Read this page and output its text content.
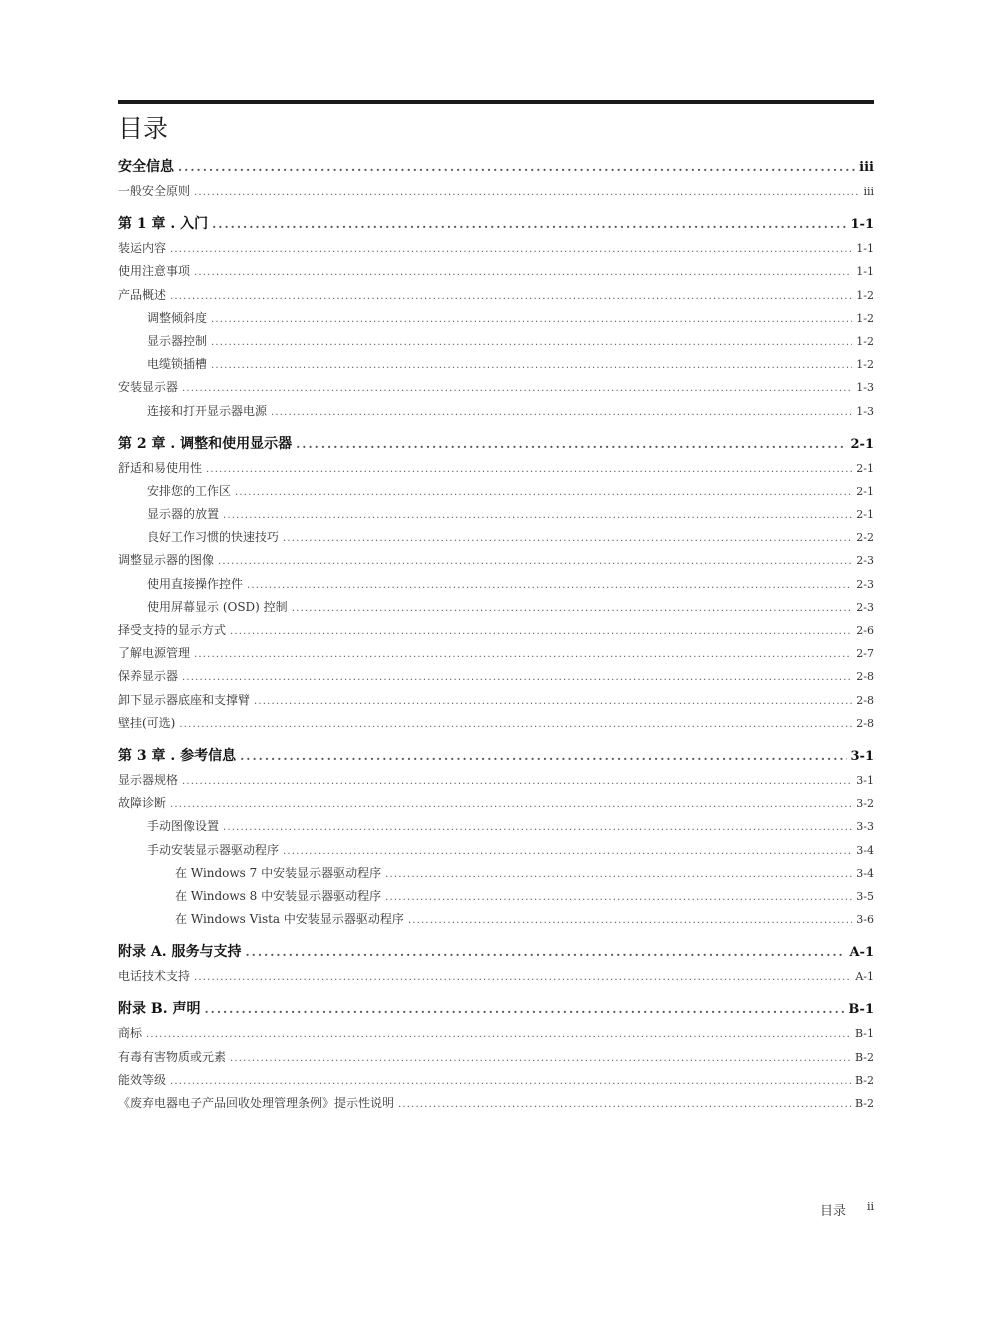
目录
安全信息 .....	iii
一般安全原则 .....	iii
第 1 章 . 入门 .....	1-1
装运内容 .....	1-1
使用注意事项 .....	1-1
产品概述 .....	1-2
调整倾斜度 .....	1-2
显示器控制 .....	1-2
电缆锁插槽 .....	1-2
安装显示器 .....	1-3
连接和打开显示器电源 .....	1-3
第 2 章 . 调整和使用显示器 .....	2-1
舒适和易使用性 .....	2-1
安排您的工作区 .....	2-1
显示器的放置 .....	2-1
良好工作习惯的快速技巧 .....	2-2
调整显示器的图像 .....	2-3
使用直接操作控件 .....	2-3
使用屏幕显示 (OSD) 控制 .....	2-3
择受支持的显示方式 .....	2-6
了解电源管理 .....	2-7
保养显示器 .....	2-8
卸下显示器底座和支撑臂 .....	2-8
壁挂(可选) .....	2-8
第 3 章 . 参考信息 .....	3-1
显示器规格 .....	3-1
故障诊断 .....	3-2
手动图像设置 .....	3-3
手动安装显示器驱动程序 .....	3-4
在 Windows 7 中安装显示器驱动程序 .....	3-4
在 Windows 8 中安装显示器驱动程序 .....	3-5
在 Windows Vista 中安装显示器驱动程序 .....	3-6
附录 A. 服务与支持 .....	A-1
电话技术支持 .....	A-1
附录 B. 声明 .....	B-1
商标 .....	B-1
有毒有害物质或元素 .....	B-2
能效等级 .....	B-2
《废弃电器电子产品回收处理管理条例》提示性说明 .....	B-2
目录 ii
